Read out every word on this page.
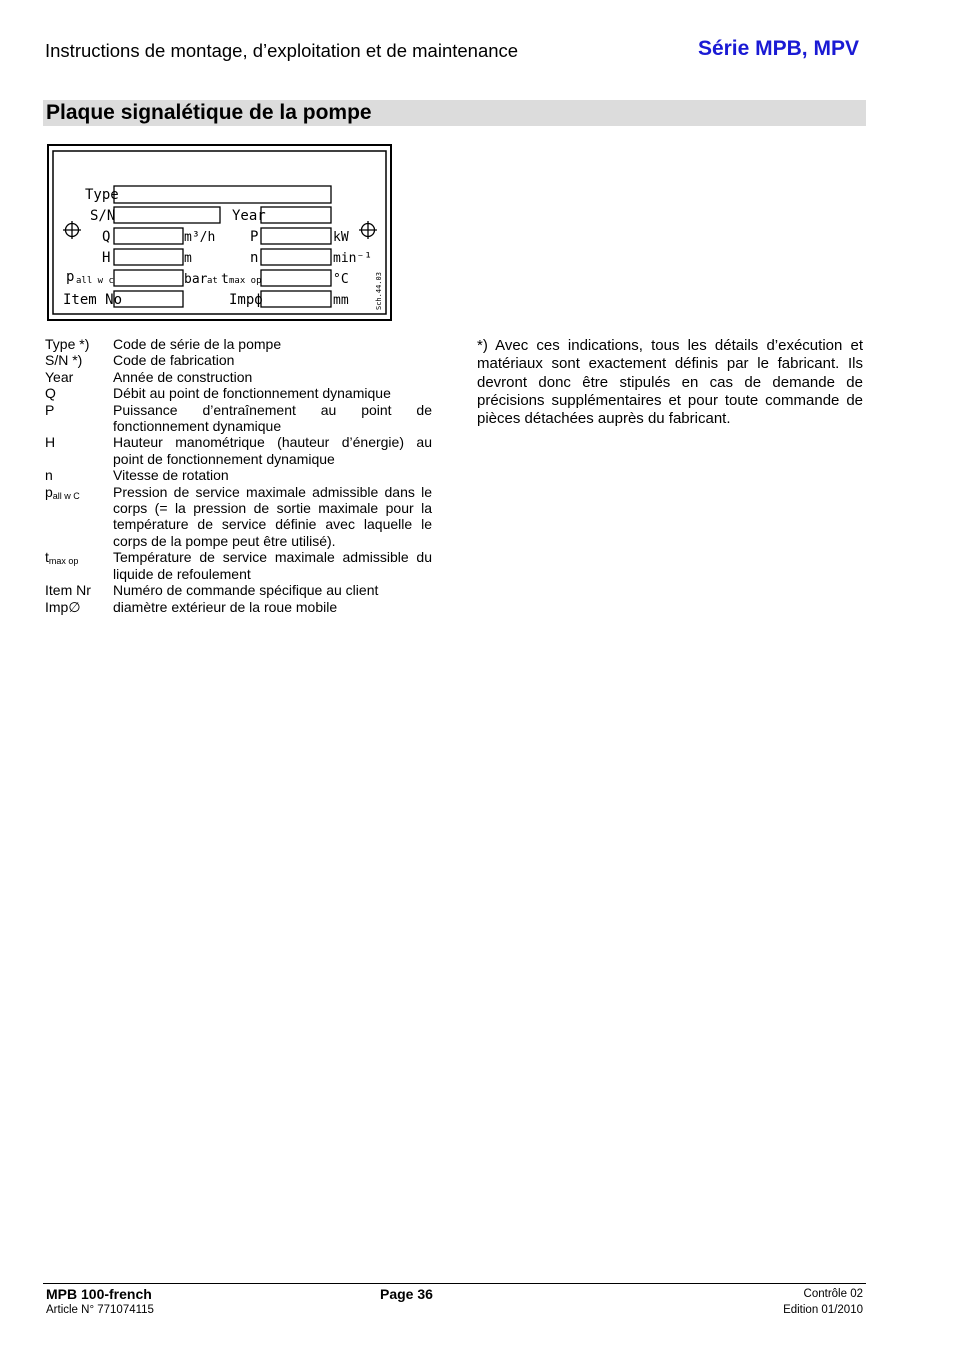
Instructions de montage, d’exploitation et de maintenance	Série MPB, MPV
Plaque signalétique de la pompe
Type
S/N	Year
Q	m³/h P	kW
H	m	n	min⁻¹
p all w c	bar at t max op	°C
Item No	Impϕ	mm	Sch.44.03
Type *)	Code de série de la pompe
S/N *)	Code de fabrication
Year	Année de construction
Q	Débit au point de fonctionnement dynamique
P	Puissance d’entraînement au point de fonctionnement dynamique
H	Hauteur manométrique (hauteur d’énergie) au point de fonctionnement dynamique
n	Vitesse de rotation
$p_{all w C}$	Pression de service maximale admissible dans le corps (= la pression de sortie maximale pour la température de service définie avec laquelle le corps de la pompe peut être utilisé).
$t_{max op}$	Température de service maximale admissible du liquide de refoulement
Item Nr	Numéro de commande spécifique au client
Imp∅	diamètre extérieur de la roue mobile
*) Avec ces indications, tous les détails d’exécution et matériaux sont exactement définis par le fabricant. Ils devront donc être stipulés en cas de demande de précisions supplémentaires et pour toute commande de pièces détachées auprès du fabricant.
MPB 100-french
Article N° 771074115
Page 36	Contrôle 02
Edition 01/2010
